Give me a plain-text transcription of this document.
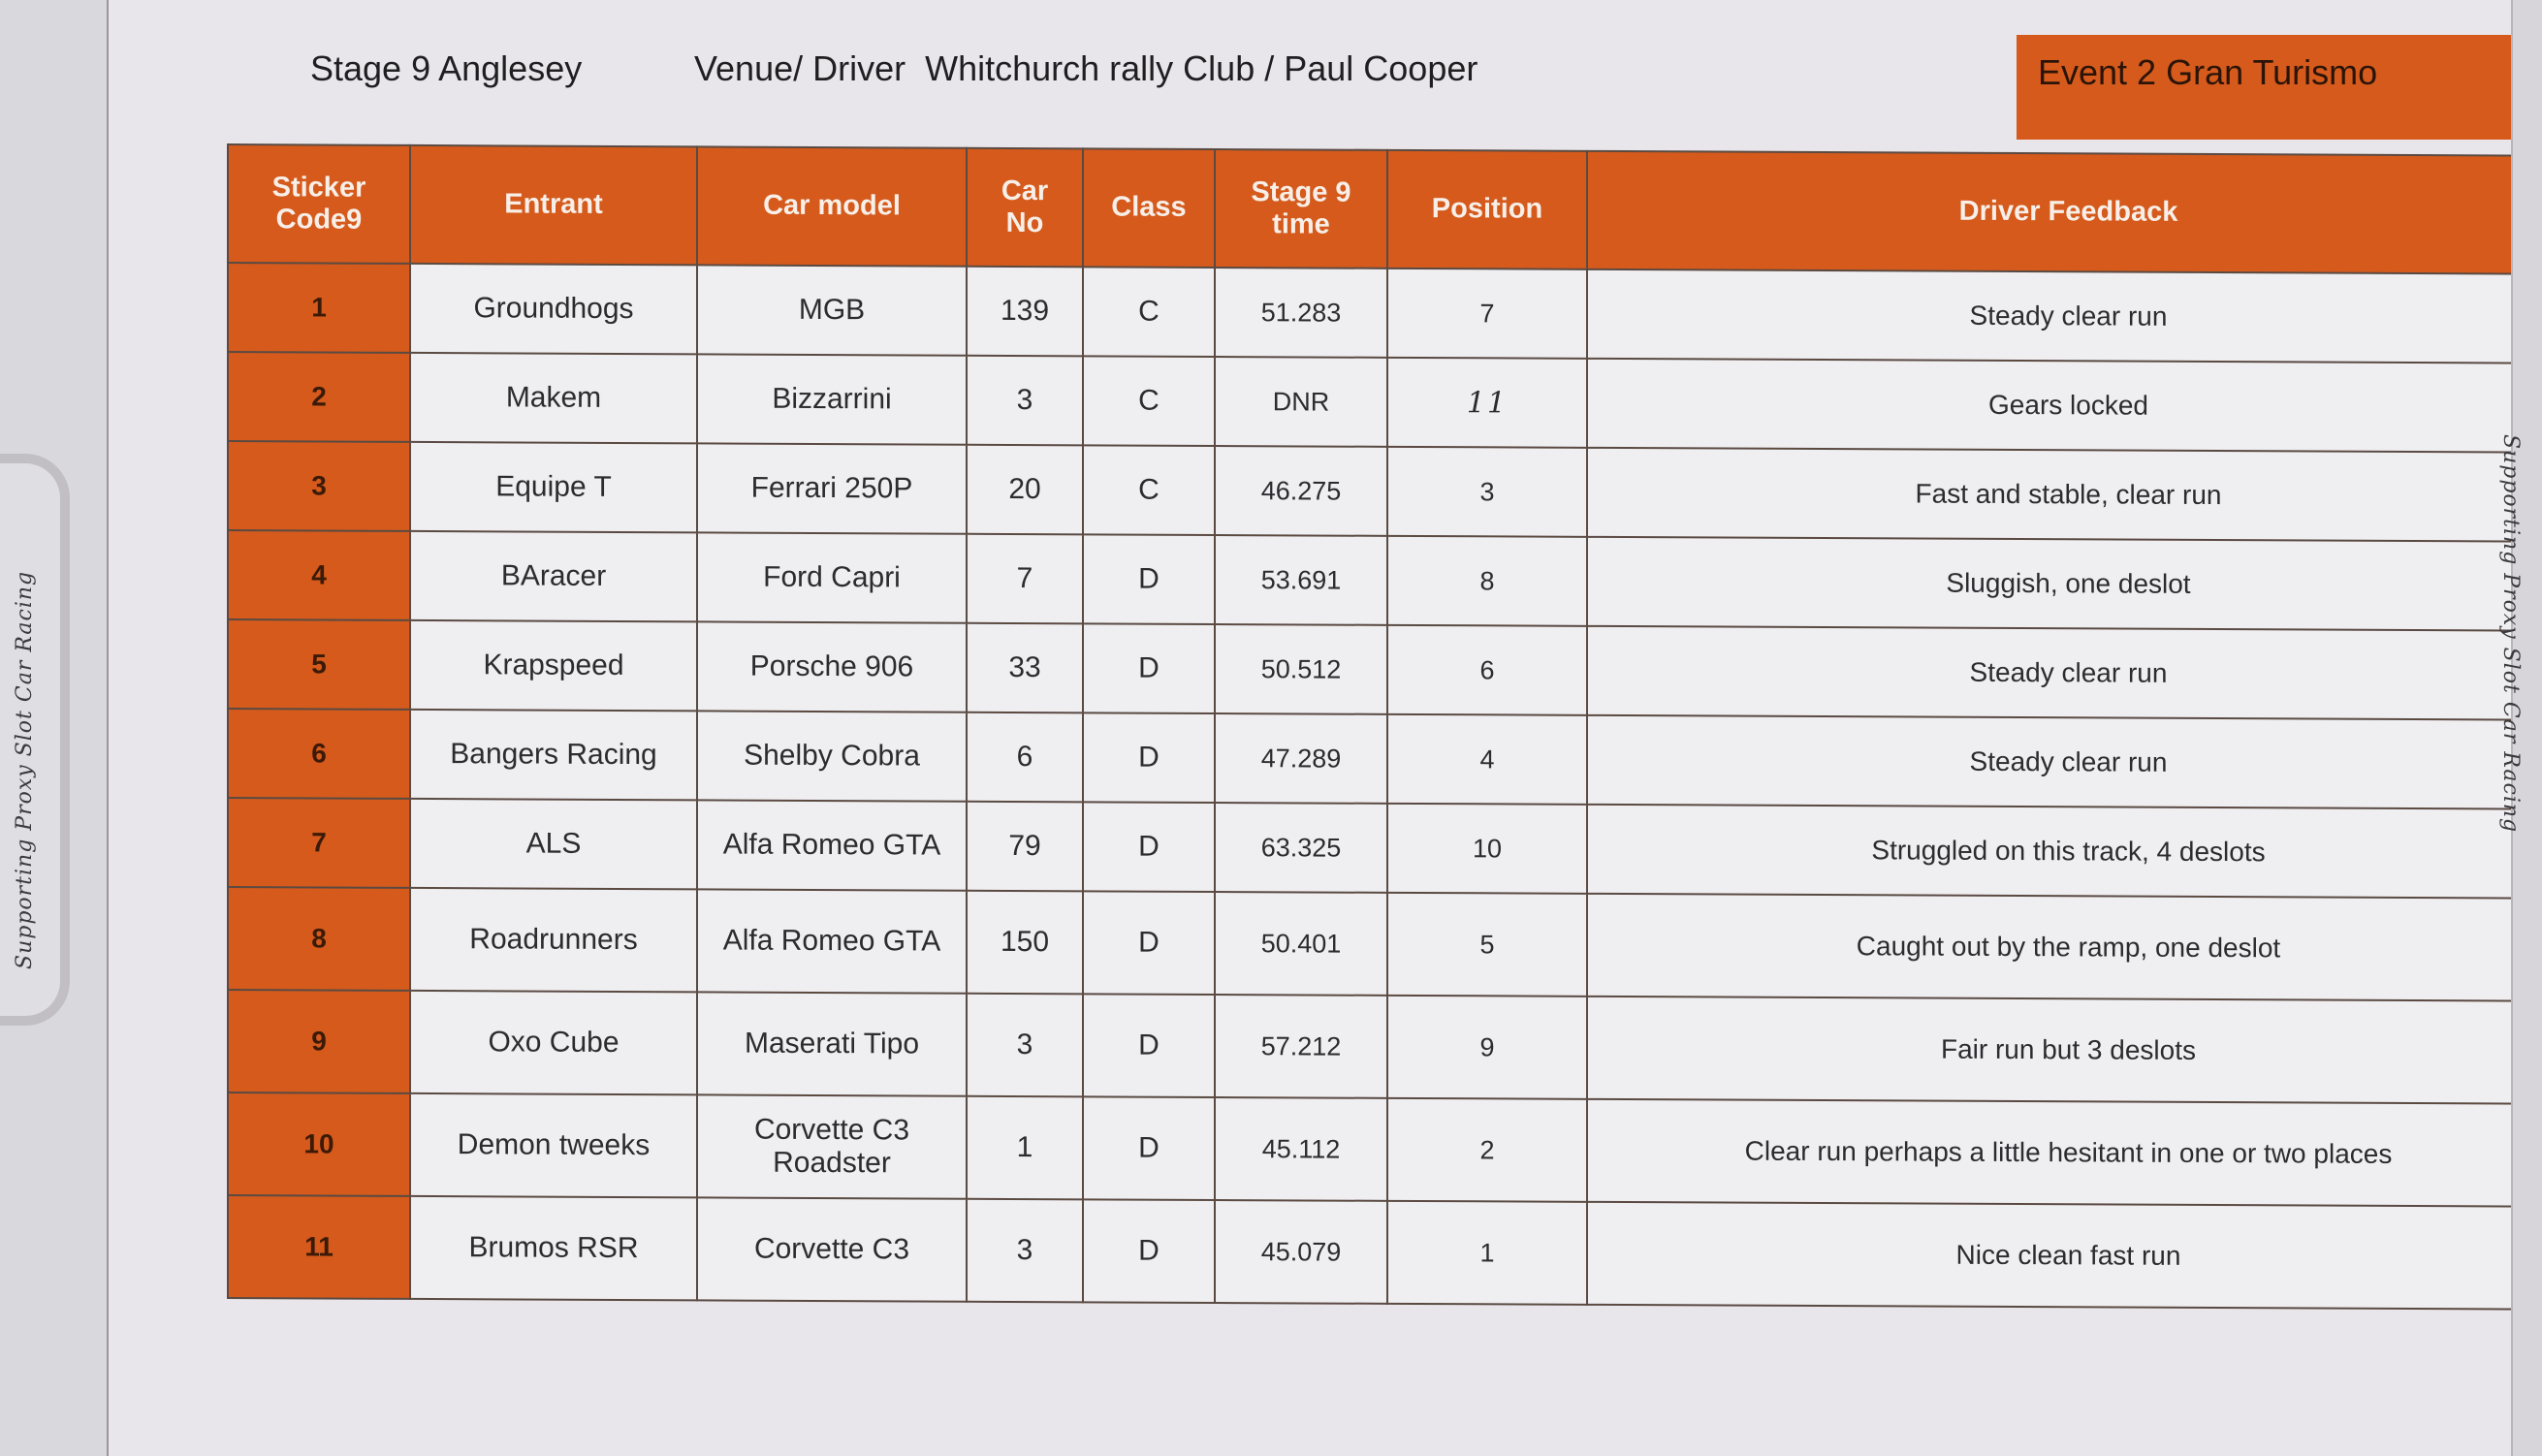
Supporting Proxy Slot Car Racing
Stage 9 Anglesey	Venue/ Driver Whitchurch rally Club / Paul Cooper	Event 2 Gran Turismo
Sticker Code9	Entrant	Car model	Car No	Class	Stage 9 time	Position	Driver Feedback
1	Groundhogs	MGB	139	C	51.283	7	Steady clear run
2	Makem	Bizzarrini	3	C	DNR	11	Gears locked
3	Equipe T	Ferrari 250P	20	C	46.275	3	Fast and stable, clear run
4	BAracer	Ford Capri	7	D	53.691	8	Sluggish, one deslot
5	Krapspeed	Porsche 906	33	D	50.512	6	Steady clear run
6	Bangers Racing	Shelby Cobra	6	D	47.289	4	Steady clear run
7	ALS	Alfa Romeo GTA	79	D	63.325	10	Struggled on this track, 4 deslots
8	Roadrunners	Alfa Romeo GTA	150	D	50.401	5	Caught out by the ramp, one deslot
9	Oxo Cube	Maserati Tipo	3	D	57.212	9	Fair run but 3 deslots
10	Demon tweeks	Corvette C3 Roadster	1	D	45.112	2	Clear run perhaps a little hesitant in one or two places
11	Brumos RSR	Corvette C3	3	D	45.079	1	Nice clean fast run
Supporting Proxy Slot Car Racing
